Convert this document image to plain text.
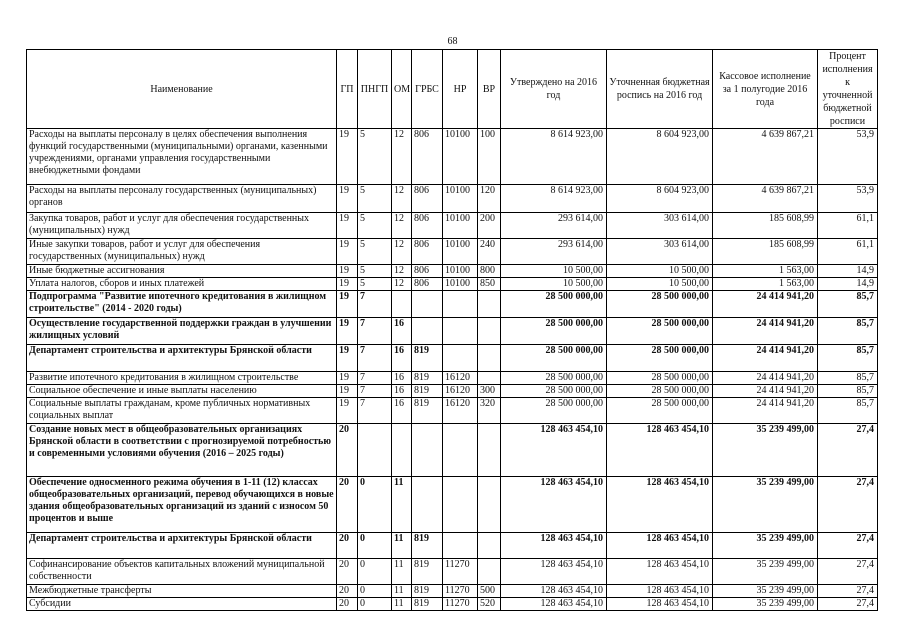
68
Наименование	ГП	ПНГП	ОМ	ГРБС	НР	ВР	Утверждено на 2016 год	Уточненная бюджетная роспись на 2016 год	Кассовое исполнение за 1 полугодие 2016 года	Процент исполнения к уточненной бюджетной росписи
Расходы на выплаты персоналу в целях обеспечения выполнения функций государственными (муниципальными) органами, казенными учреждениями, органами управления государственными внебюджетными фондами	19	5	12	806	10100	100	8 614 923,00	8 604 923,00	4 639 867,21	53,9
Расходы на выплаты персоналу государственных (муниципальных) органов	19	5	12	806	10100	120	8 614 923,00	8 604 923,00	4 639 867,21	53,9
Закупка товаров, работ и услуг для обеспечения государственных (муниципальных) нужд	19	5	12	806	10100	200	293 614,00	303 614,00	185 608,99	61,1
Иные закупки товаров, работ и услуг для обеспечения государственных (муниципальных) нужд	19	5	12	806	10100	240	293 614,00	303 614,00	185 608,99	61,1
Иные бюджетные ассигнования	19	5	12	806	10100	800	10 500,00	10 500,00	1 563,00	14,9
Уплата налогов, сборов и иных платежей	19	5	12	806	10100	850	10 500,00	10 500,00	1 563,00	14,9
Подпрограмма "Развитие ипотечного кредитования в жилищном строительстве" (2014 - 2020 годы)	19	7					28 500 000,00	28 500 000,00	24 414 941,20	85,7
Осуществление государственной поддержки граждан в улучшении жилищных условий	19	7	16				28 500 000,00	28 500 000,00	24 414 941,20	85,7
Департамент строительства и архитектуры Брянской области	19	7	16	819			28 500 000,00	28 500 000,00	24 414 941,20	85,7
Развитие ипотечного кредитования в жилищном строительстве	19	7	16	819	16120		28 500 000,00	28 500 000,00	24 414 941,20	85,7
Социальное обеспечение и иные выплаты населению	19	7	16	819	16120	300	28 500 000,00	28 500 000,00	24 414 941,20	85,7
Социальные выплаты гражданам, кроме публичных нормативных социальных выплат	19	7	16	819	16120	320	28 500 000,00	28 500 000,00	24 414 941,20	85,7
Создание новых мест в общеобразовательных организациях Брянской области в соответствии с прогнозируемой потребностью и современными условиями обучения (2016 – 2025 годы)	20						128 463 454,10	128 463 454,10	35 239 499,00	27,4
Обеспечение односменного режима обучения в 1-11 (12) классах общеобразовательных организаций, перевод обучающихся в новые здания общеобразовательных организаций из зданий с износом 50 процентов и выше	20	0	11				128 463 454,10	128 463 454,10	35 239 499,00	27,4
Департамент строительства и архитектуры Брянской области	20	0	11	819			128 463 454,10	128 463 454,10	35 239 499,00	27,4
Софинансирование объектов капитальных вложений муниципальной собственности	20	0	11	819	11270		128 463 454,10	128 463 454,10	35 239 499,00	27,4
Межбюджетные трансферты	20	0	11	819	11270	500	128 463 454,10	128 463 454,10	35 239 499,00	27,4
Субсидии	20	0	11	819	11270	520	128 463 454,10	128 463 454,10	35 239 499,00	27,4
